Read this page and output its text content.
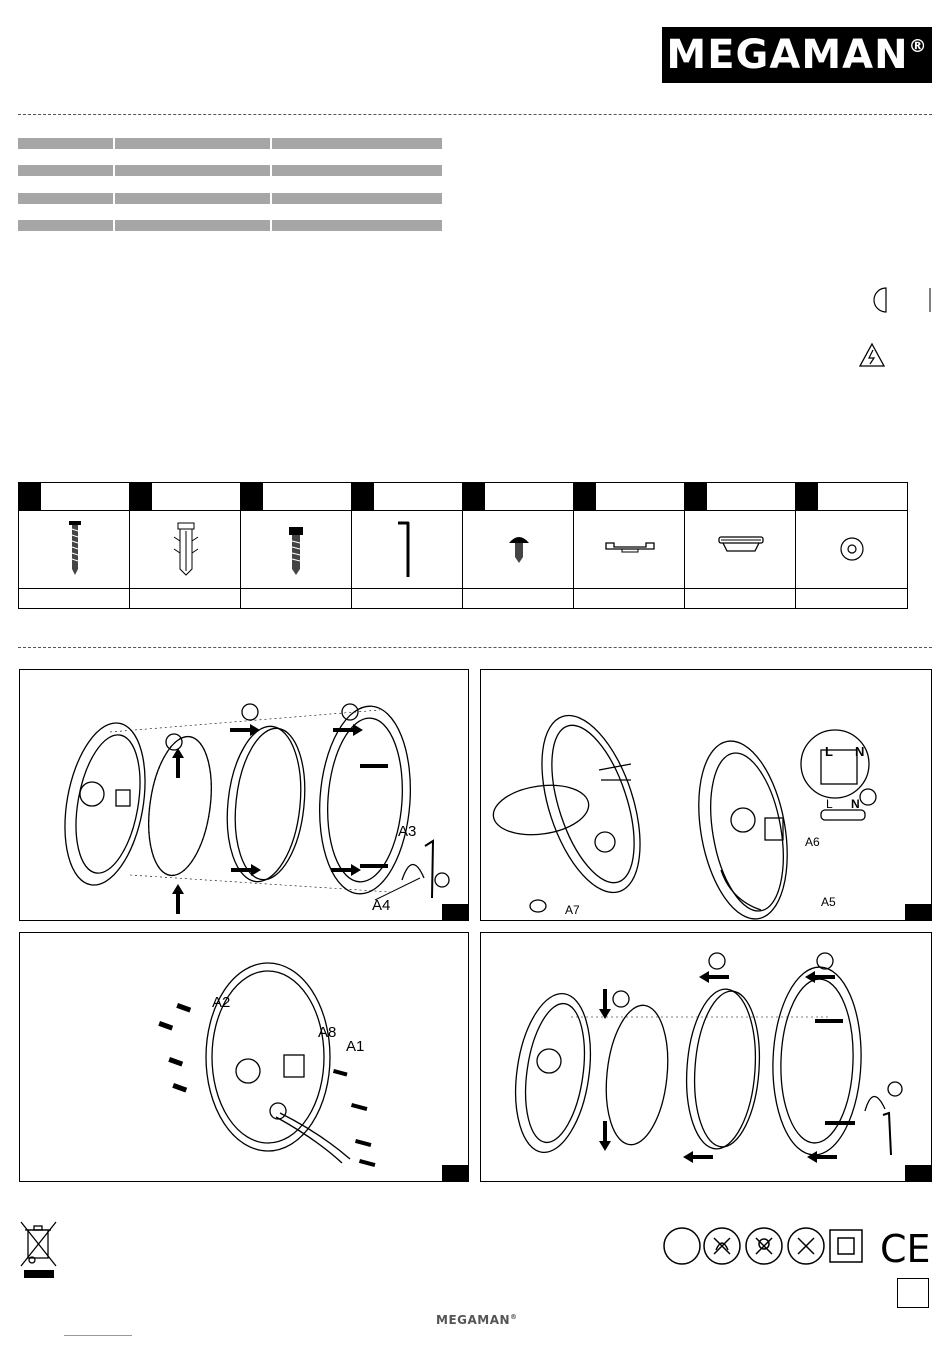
MEGAMAN®
A3
A4
L N
L N
A6
A5
A7
A2
A8
A1
CE
MEGAMAN®
